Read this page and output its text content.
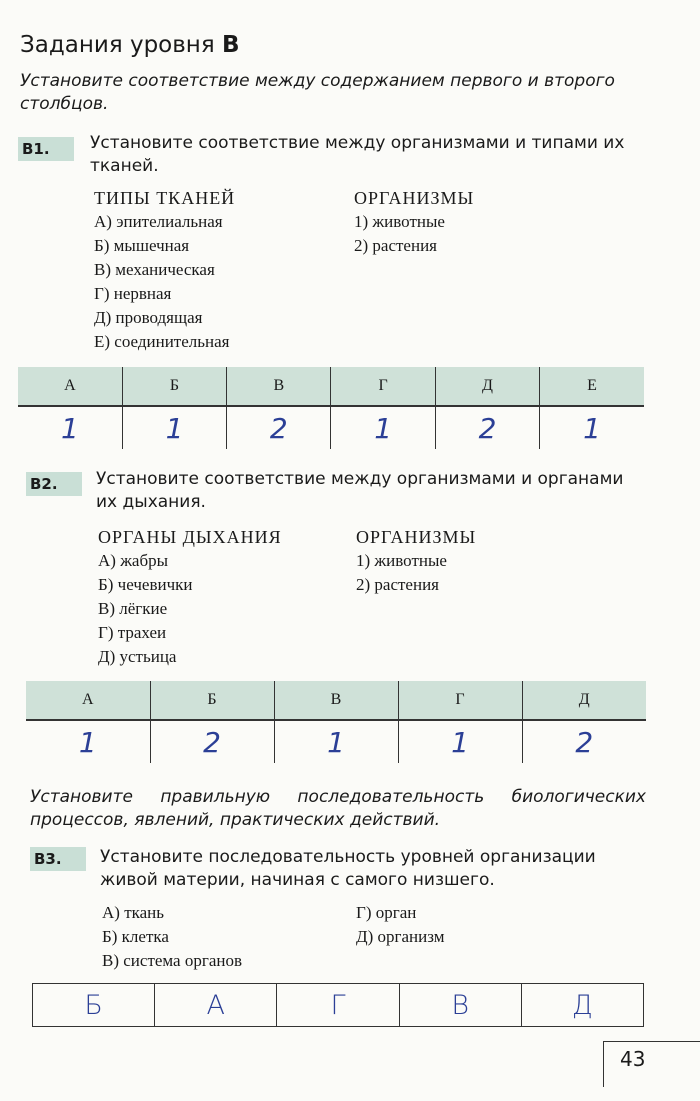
Задания уровня В
Установите соответствие между содержанием первого и второго столбцов.
В1.	Установите соответствие между организмами и типами их тканей.
ТИПЫ ТКАНЕЙ
А) эпителиальная
Б) мышечная
В) механическая
Г) нервная
Д) проводящая
Е) соединительная
ОРГАНИЗМЫ
1) животные
2) растения
А	Б	В	Г	Д	Е
1	1	2	1	2	1
В2.	Установите соответствие между организмами и органами их дыхания.
ОРГАНЫ ДЫХАНИЯ
А) жабры
Б) чечевички
В) лёгкие
Г) трахеи
Д) устьица
ОРГАНИЗМЫ
1) животные
2) растения
А	Б	В	Г	Д
1	2	1	1	2
Установите правильную последовательность биологических процессов, явлений, практических действий.
В3.	Установите последовательность уровней организации живой материи, начиная с самого низшего.
А) ткань
Б) клетка
В) система органов
Г) орган
Д) организм
Б	А	Г	В	Д
43
